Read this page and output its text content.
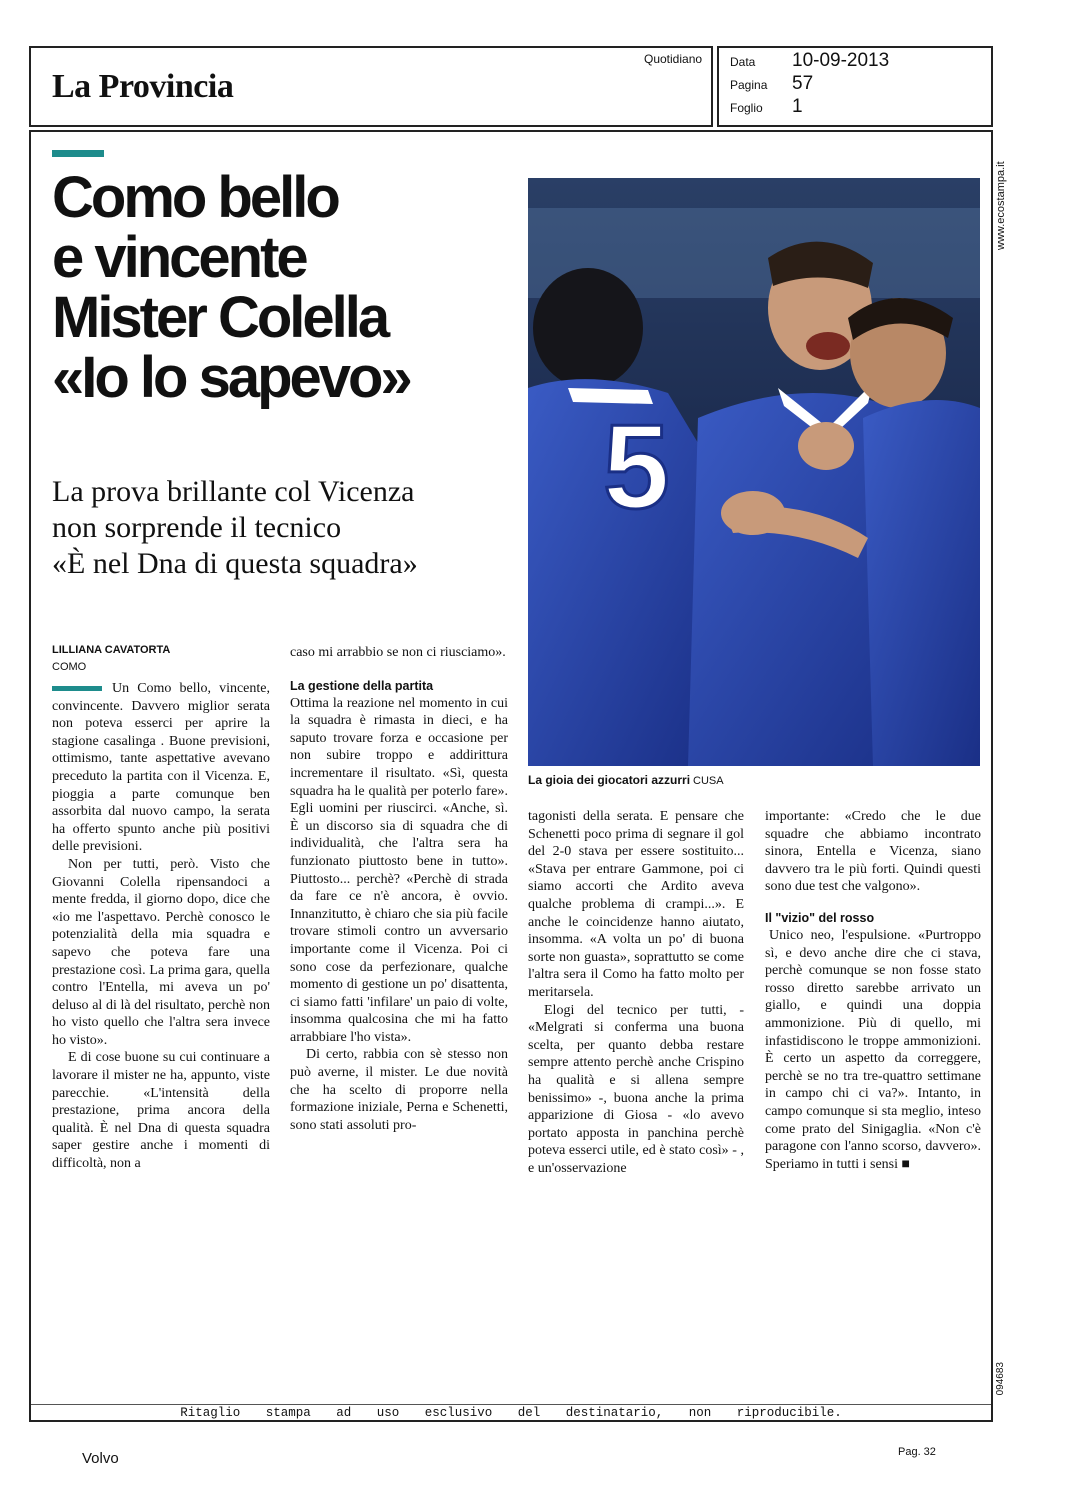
La Provincia
Quotidiano Data 10-09-2013
Pagina 57
Foglio 1
www.ecostampa.it
094683
Como bello
e vincente
Mister Colella
«Io lo sapevo»
La prova brillante col Vicenza
non sorprende il tecnico
«È nel Dna di questa squadra»
5
La gioia dei giocatori azzurri CUSA
LILLIANA CAVATORTA
COMO

Un Como bello, vincente, convincente. Davvero miglior serata non poteva esserci per aprire la stagione casalinga . Buone previsioni, ottimismo, tante aspettative avevano preceduto la partita con il Vicenza. E, pioggia a parte comunque ben assorbita dal nuovo campo, la serata ha offerto spunto anche più positivi delle previsioni.

Non per tutti, però. Visto che Giovanni Colella ripensandoci a mente fredda, il giorno dopo, dice che «io me l'aspettavo. Perchè conosco le potenzialità della mia squadra e sapevo che poteva fare una prestazione così. La prima gara, quella contro l'Entella, mi aveva un po' deluso al di là del risultato, perchè non ho visto quello che l'altra sera invece ho visto».

E di cose buone su cui continuare a lavorare il mister ne ha, appunto, viste parecchie. «L'intensità della prestazione, prima ancora della qualità. È nel Dna di questa squadra saper gestire anche i momenti di difficoltà, non a

caso mi arrabbio se non ci riusciamo».

La gestione della partita

Ottima la reazione nel momento in cui la squadra è rimasta in dieci, e ha saputo trovare forza e occasione per non subire troppo e addirittura incrementare il risultato. «Sì, questa squadra ha le qualità per poterlo fare». Egli uomini per riuscirci. «Anche, sì. È un discorso sia di squadra che di individualità, che l'altra sera ha funzionato piuttosto bene in tutto». Piuttosto... perchè? «Perchè di strada da fare ce n'è ancora, è ovvio. Innanzitutto, è chiaro che sia più facile trovare stimoli contro un avversario importante come il Vicenza. Poi ci sono cose da perfezionare, qualche momento di gestione un po' disattenta, ci siamo fatti 'infilare' un paio di volte, insomma qualcosina che mi ha fatto arrabbiare l'ho vista».

Di certo, rabbia con sè stesso non può averne, il mister. Le due novità che ha scelto di proporre nella formazione iniziale, Perna e Schenetti, sono stati assoluti pro-

tagonisti della serata. E pensare che Schenetti poco prima di segnare il gol del 2-0 stava per essere sostituito... «Stava per entrare Gammone, poi ci siamo accorti che Ardito aveva qualche problema di crampi...». E anche le coincidenze hanno aiutato, insomma. «A volta un po' di buona sorte non guasta», soprattutto se come l'altra sera il Como ha fatto molto per meritarsela.

Elogi del tecnico per tutti, - «Melgrati si conferma una buona scelta, per quanto debba restare sempre attento perchè anche Crispino ha qualità e si allena sempre benissimo» -, buona anche la prima apparizione di Giosa - «lo avevo portato apposta in panchina perchè poteva esserci utile, ed è stato così» - , e un'osservazione

importante: «Credo che le due squadre che abbiamo incontrato sinora, Entella e Vicenza, siano davvero tra le più forti. Quindi questi sono due test che valgono».

Il "vizio" del rosso

Unico neo, l'espulsione. «Purtroppo sì, e devo anche dire che ci stava, perchè comunque se non fosse stato rosso diretto sarebbe arrivato un giallo, e quindi una doppia ammonizione. Più di quello, mi infastidiscono le troppe ammonizioni. È certo un aspetto da correggere, perchè se no tra tre-quattro settimane in campo chi ci va?». Intanto, in campo comunque si sta meglio, inteso come prato del Sinigaglia. «Non c'è paragone con l'anno scorso, davvero». Speriamo in tutti i sensi ■

Ritaglio stampa ad uso esclusivo del destinatario, non riproducibile.
Volvo	Pag. 32
